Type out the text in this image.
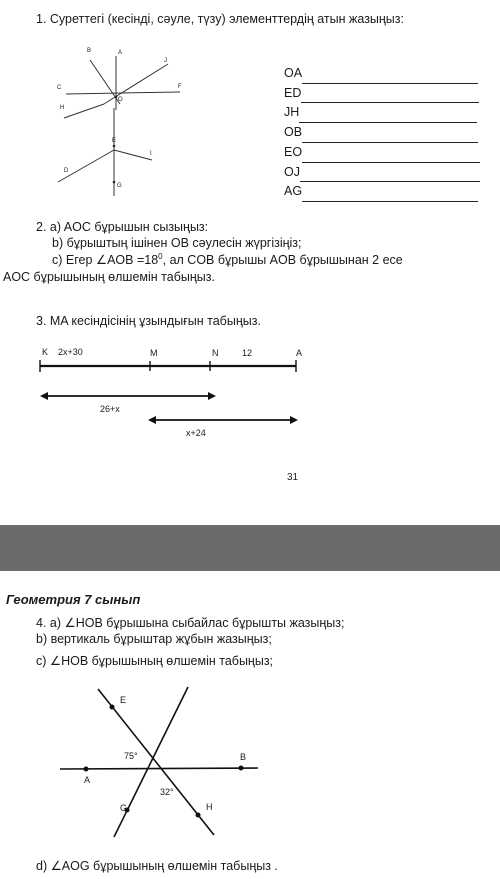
1. Суреттегі (кесінді, сәуле, түзу) элементтердің атын жазыңыз:
B	A
J
C	F
O
H
E
I
D
G
OA
ED
JH
OB
EO
OJ
AG
2. a) AOC бұрышын сызыңыз:
b) бұрыштың ішінен OB сәулесін жүргізіңіз;
c) Егер ∠AOB $=18^0$, ал COB бұрышы AOB бұрышынан 2 есе
AOC бұрышының өлшемін табыңыз.
3. MA кесіндісінің ұзындығын табыңыз.
K 2x+30	M	N	12	A
26+x
x+24
31
Геометрия 7 сынып
4. a) ∠HOB бұрышына сыбайлас бұрышты жазыңыз;
b) вертикаль бұрыштар жұбын жазыңыз;
c) ∠HOB бұрышының өлшемін табыңыз;
E
75°	B
A
32°
G	H
d) ∠AOG бұрышының өлшемін табыңыз .
